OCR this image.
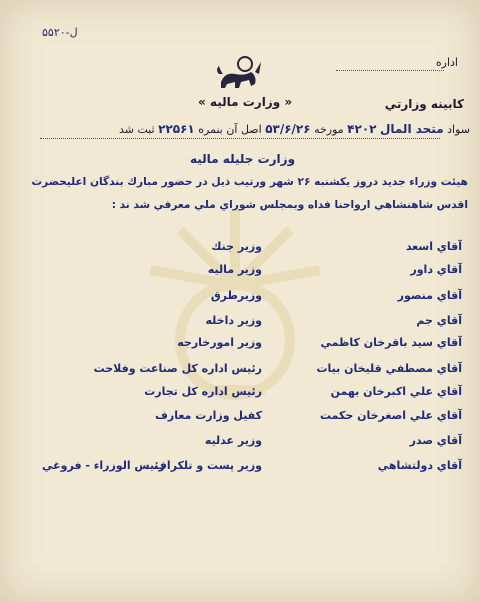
ل-۵۵۲۰
اداره
« وزارت ماليه »	كابينه وزارتي
سواد متحد المال ۴۲۰۲ مورخه ۵۳/۶/۲۶ اصل آن بنمره ۲۲۵۶۱ ثبت شد
وزارت جليله ماليه
هيئت وزراء جديد دروز يكشنبه ۲۶ شهر ورتيب ذيل در حضور مبارك بندگان اعليحضرت
اقدس شاهنشاهي ارواحنا فداه وبمجلس شوراي ملي معرفي شد ند :
آقاي اسعد
وزير جنك
آقاي داور
وزير ماليه
آقاي منصور
وزيرطرق
آقاي جم
وزير داخله
آقاي سيد باقرخان كاظمي
وزير امورخارجه
آقاي مصطفي قليخان بيات
رئيس اداره كل صناعت وفلاحت
آقاي علي اكبرخان بهمن
رئيس اداره كل تجارت
آقاي علي اصغرخان حكمت
كفيل وزارت معارف
آقاي صدر
وزير عدليه
آقاي دولتشاهي
وزير پست و تلكراف
رئيس الوزراء - فروغي
